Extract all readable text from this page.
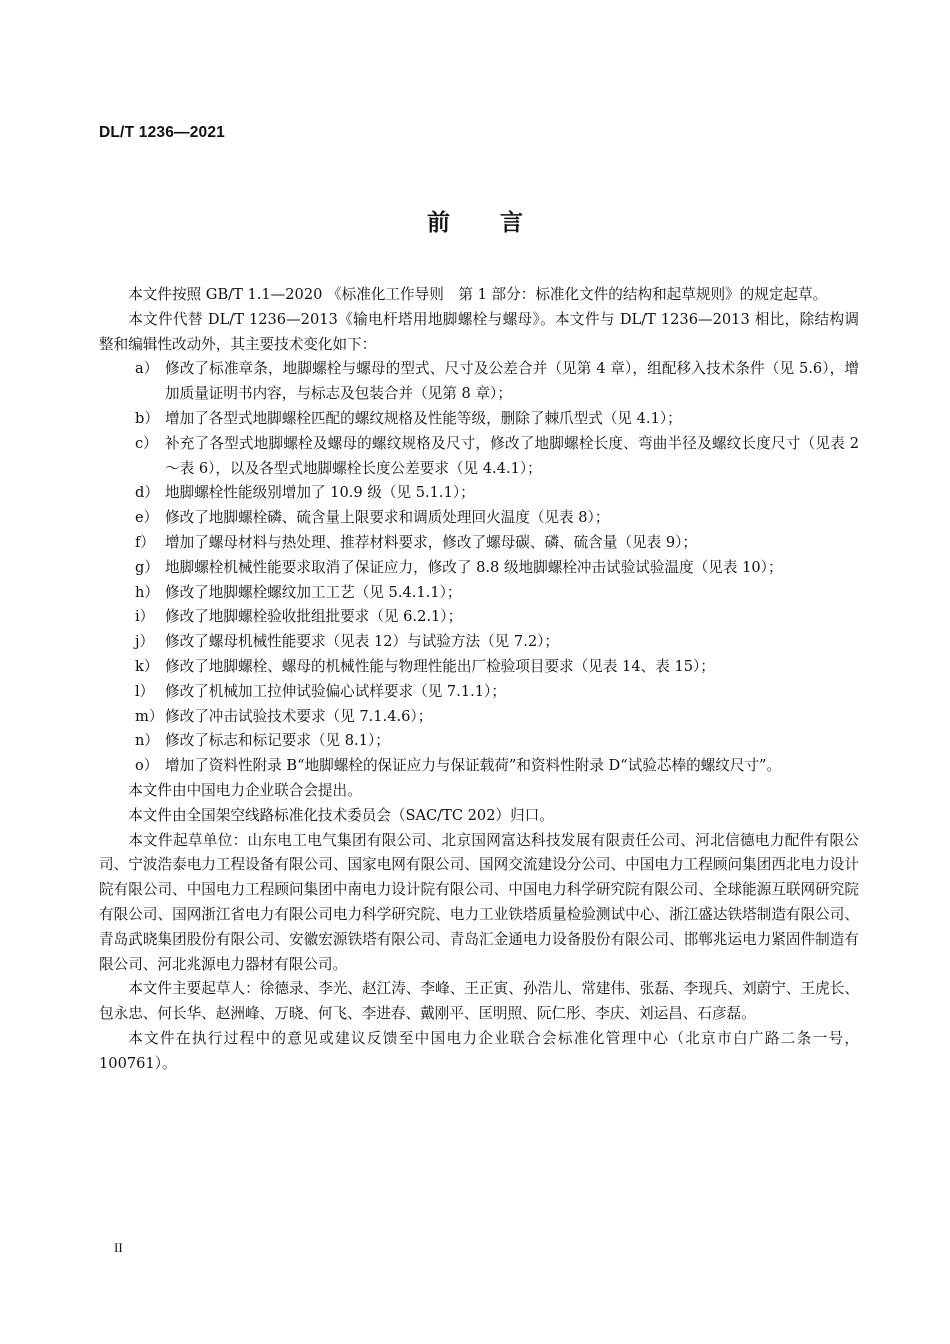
DL/T 1236—2021
前言

本文件按照 GB/T 1.1—2020 《标准化工作导则　第 1 部分：标准化文件的结构和起草规则》的规定起草。

本文件代替 DL/T 1236—2013《输电杆塔用地脚螺栓与螺母》。本文件与 DL/T 1236—2013 相比，除结构调整和编辑性改动外，其主要技术变化如下：

a） 修改了标准章条，地脚螺栓与螺母的型式、尺寸及公差合并（见第 4 章），组配移入技术条件（见 5.6），增加质量证明书内容，与标志及包装合并（见第 8 章）；

b） 增加了各型式地脚螺栓匹配的螺纹规格及性能等级，删除了棘爪型式（见 4.1）；

c） 补充了各型式地脚螺栓及螺母的螺纹规格及尺寸，修改了地脚螺栓长度、弯曲半径及螺纹长度尺寸（见表 2～表 6），以及各型式地脚螺栓长度公差要求（见 4.4.1）；

d） 地脚螺栓性能级别增加了 10.9 级（见 5.1.1）；

e） 修改了地脚螺栓磷、硫含量上限要求和调质处理回火温度（见表 8）；

f） 增加了螺母材料与热处理、推荐材料要求，修改了螺母碳、磷、硫含量（见表 9）；

g） 地脚螺栓机械性能要求取消了保证应力，修改了 8.8 级地脚螺栓冲击试验试验温度（见表 10）；

h） 修改了地脚螺栓螺纹加工工艺（见 5.4.1.1）；

i） 修改了地脚螺栓验收批组批要求（见 6.2.1）；

j） 修改了螺母机械性能要求（见表 12）与试验方法（见 7.2）；

k） 修改了地脚螺栓、螺母的机械性能与物理性能出厂检验项目要求（见表 14、表 15）；

l） 修改了机械加工拉伸试验偏心试样要求（见 7.1.1）；

m） 修改了冲击试验技术要求（见 7.1.4.6）；

n） 修改了标志和标记要求（见 8.1）；

o） 增加了资料性附录 B“地脚螺栓的保证应力与保证载荷”和资料性附录 D“试验芯棒的螺纹尺寸”。

本文件由中国电力企业联合会提出。

本文件由全国架空线路标准化技术委员会（SAC/TC 202）归口。

本文件起草单位：山东电工电气集团有限公司、北京国网富达科技发展有限责任公司、河北信德电力配件有限公司、宁波浩泰电力工程设备有限公司、国家电网有限公司、国网交流建设分公司、中国电力工程顾问集团西北电力设计院有限公司、中国电力工程顾问集团中南电力设计院有限公司、中国电力科学研究院有限公司、全球能源互联网研究院有限公司、国网浙江省电力有限公司电力科学研究院、电力工业铁塔质量检验测试中心、浙江盛达铁塔制造有限公司、青岛武晓集团股份有限公司、安徽宏源铁塔有限公司、青岛汇金通电力设备股份有限公司、邯郸兆运电力紧固件制造有限公司、河北兆源电力器材有限公司。

本文件主要起草人：徐德录、李光、赵江涛、李峰、王正寅、孙浩儿、常建伟、张磊、李现兵、刘蔚宁、王虎长、包永忠、何长华、赵洲峰、万晓、何飞、李进春、戴刚平、匡明照、阮仁彤、李庆、刘运昌、石彦磊。

本文件在执行过程中的意见或建议反馈至中国电力企业联合会标准化管理中心（北京市白广路二条一号，100761）。

II
